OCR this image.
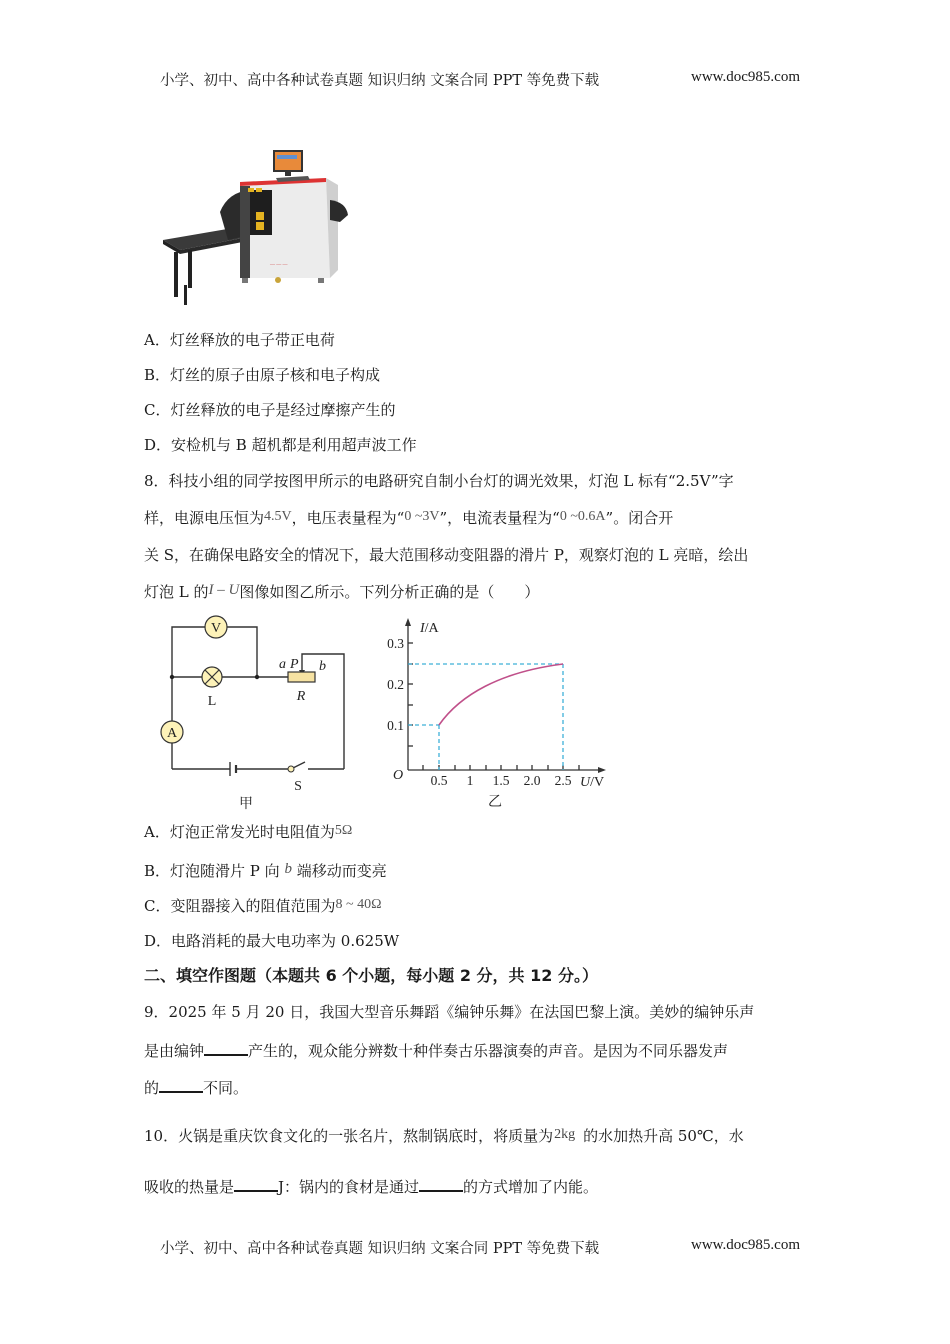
小学、初中、高中各种试卷真题 知识归纳 文案合同 PPT 等免费下载	www.doc985.com
— — —
A．灯丝释放的电子带正电荷
B．灯丝的原子由原子核和电子构成
C．灯丝释放的电子是经过摩擦产生的
D．安检机与 B 超机都是利用超声波工作
8．科技小组的同学按图甲所示的电路研究自制小台灯的调光效果，灯泡 L 标有“2.5V”字
样，电源电压恒为4.5V，电压表量程为“0 ~3V”，电流表量程为“0 ~0.6A”。闭合开
关 S，在确保电路安全的情况下，最大范围移动变阻器的滑片 P，观察灯泡的 L 亮暗，绘出
灯泡 L 的I – U图像如图乙所示。下列分析正确的是（　　）
V
L
A
a P b
R
S
甲
I/A
0.3
0.2
0.1
O 0.5 1 1.5 2.0 2.5 U/V
乙
A．灯泡正常发光时电阻值为5Ω
B．灯泡随滑片 P 向 b 端移动而变亮
C．变阻器接入的阻值范围为8 ~ 40Ω
D．电路消耗的最大电功率为 0.625W
二、填空作图题（本题共 6 个小题，每小题 2 分，共 12 分。）
9．2025 年 5 月 20 日，我国大型音乐舞蹈《编钟乐舞》在法国巴黎上演。美妙的编钟乐声
是由编钟	产生的，观众能分辨数十种伴奏古乐器演奏的声音。是因为不同乐器发声
的	不同。
10．火锅是重庆饮食文化的一张名片，熬制锅底时，将质量为 2kg 的水加热升高 50℃，水
吸收的热量是	J：锅内的食材是通过	的方式增加了内能。
小学、初中、高中各种试卷真题 知识归纳 文案合同 PPT 等免费下载	www.doc985.com
